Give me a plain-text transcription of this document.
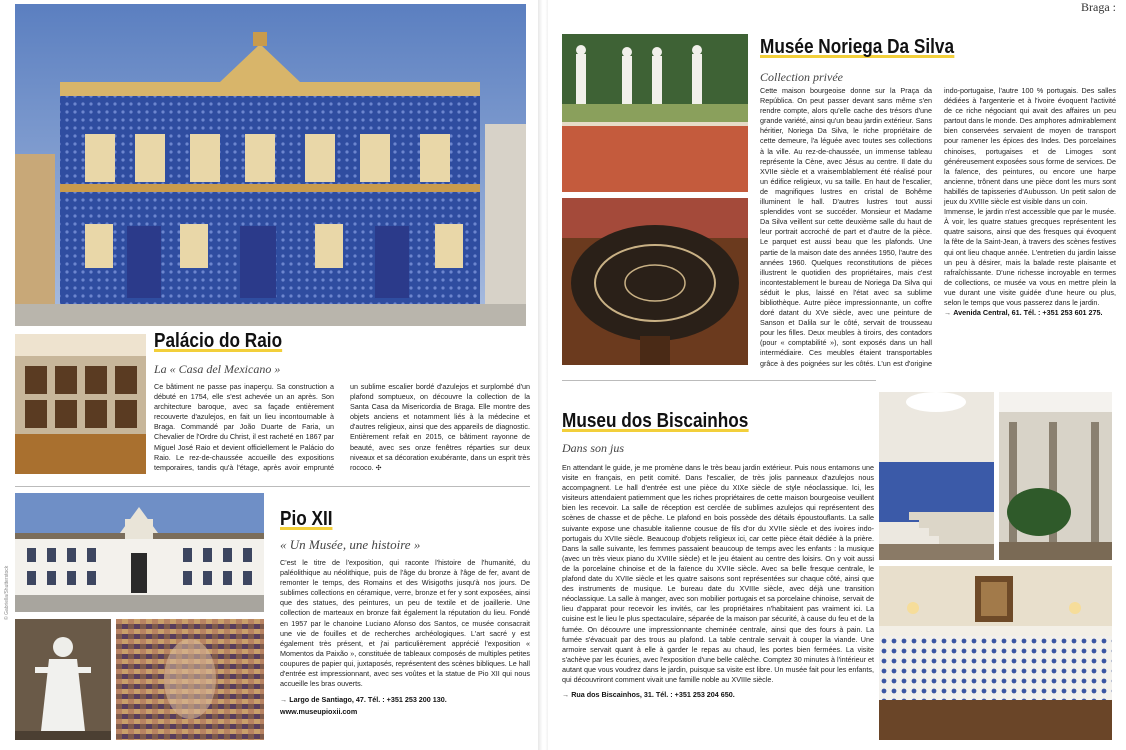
Palácio do Raio

La « Casa del Mexicano »

Ce bâtiment ne passe pas inaperçu. Sa construction a débuté en 1754, elle s'est achevée un an après. Son architecture baroque, avec sa façade entièrement recouverte d'azulejos, en fait un lieu incontournable à Braga. Commandé par João Duarte de Faria, un Chevalier de l'Ordre du Christ, il est racheté en 1867 par Miguel José Raio et devient officiellement le Palácio do Raio. Le rez-de-chaussée accueille des expositions temporaires, tandis qu'à l'étage, après avoir emprunté un sublime escalier bordé d'azulejos et surplombé d'un plafond somptueux, on découvre la collection de la Santa Casa da Misericordia de Braga. Elle montre des objets anciens et notamment liés à la médecine et d'autres religieux, ainsi que des appareils de diagnostic. Entièrement refait en 2015, ce bâtiment rayonne de beauté, avec ses onze fenêtres réparties sur deux niveaux et sa décoration exubérante, dans un esprit très rococo. ✣

© Gabriella/Shutterstock
Pio XII

« Un Musée, une histoire »

C'est le titre de l'exposition, qui raconte l'histoire de l'humanité, du paléolithique au néolithique, puis de l'âge du bronze à l'âge de fer, avant de remonter le temps, des Romains et des Wisigoths jusqu'à nos jours. De sublimes collections en céramique, verre, bronze et fer y sont exposées, ainsi que des statues, des peintures, un peu de textile et de joaillerie. Une collection de marteaux en bronze fait également la réputation du lieu. Fondé en 1957 par le chanoine Luciano Afonso dos Santos, ce musée consacrait une vie de fouilles et de recherches archéologiques. L'art sacré y est également très présent, et j'ai particulièrement apprécié l'exposition « Momentos da Paixão », constituée de tableaux composés de multiples petites coupures de papier qui, juxtaposés, représentent des scènes bibliques. Le hall d'entrée est impressionnant, avec ses voûtes et la statue de Pio XII qui nous accueille les bras ouverts.

→ Largo de Santiago, 47. Tél. : +351 253 200 130.

www.museupioxii.com

Braga :
Musée Noriega Da Silva

Collection privée

Cette maison bourgeoise donne sur la Praça da República. On peut passer devant sans même s'en rendre compte, alors qu'elle cache des trésors d'une grande variété, ainsi qu'un beau jardin extérieur. Sans héritier, Noriega Da Silva, le riche propriétaire de cette demeure, l'a léguée avec toutes ses collections à la ville. Au rez-de-chaussée, un immense tableau représente la Cène, avec Jésus au centre. Il date du XVIIe siècle et a vraisemblablement été réalisé pour un édifice religieux, vu sa taille. En haut de l'escalier, de magnifiques lustres en cristal de Bohême illuminent le hall. D'autres lustres tout aussi splendides vont se succéder. Monsieur et Madame Da Silva veillent sur cette deuxième salle du haut de leur portrait accroché de part et d'autre de la pièce. Le parquet est aussi beau que les plafonds. Une partie de la maison date des années 1950, l'autre des années 1960. Quelques reconstitutions de pièces illustrent le quotidien des propriétaires, mais c'est incontestablement le bureau de Noriega Da Silva qui séduit le plus, laissé en l'état avec sa sublime bibliothèque. Autre pièce impressionnante, un coffre doré datant du XVe siècle, avec une peinture de Sanson et Dalila sur le côté, servait de trousseau pour les filles. Deux meubles à tiroirs, des contadors (pour « comptabilité »), sont exposés dans un hall intermédiaire. Ces meubles étaient transportables grâce à des poignées sur les côtés. L'un est d'origine indo-portugaise, l'autre 100 % portugais. Des salles dédiées à l'argenterie et à l'ivoire évoquent l'activité de ce riche négociant qui avait des affaires un peu partout dans le monde. Des amphores admirablement bien conservées servaient de moyen de transport pour ramener les épices des Indes. Des porcelaines chinoises, portugaises et de Limoges sont généreusement exposées sous forme de services. De la faïence, des peintures, ou encore une harpe ancienne, trônent dans une pièce dont les murs sont habillés de tapisseries d'Aubusson. Un petit salon de jeux du XVIIIe siècle est visible dans un coin.

Immense, le jardin n'est accessible que par le musée. À voir, les quatre statues grecques représentent les quatre saisons, ainsi que des fresques qui évoquent la fête de la Saint-Jean, à travers des scènes festives qui ont lieu chaque année. L'entretien du jardin laisse un peu à désirer, mais la balade reste plaisante et rafraîchissante. D'une richesse incroyable en termes de collections, ce musée va vous en mettre plein la vue durant une visite guidée d'une heure ou plus, selon le temps que vous passerez dans le jardin.

→ Avenida Central, 61. Tél. : +351 253 601 275.

Museu dos Biscainhos

Dans son jus

En attendant le guide, je me promène dans le très beau jardin extérieur. Puis nous entamons une visite en français, en petit comité. Dans l'escalier, de très jolis panneaux d'azulejos nous accompagnent. Le hall d'entrée est une pièce du XIXe siècle de style néoclassique. Ici, les visiteurs attendaient patiemment que les riches propriétaires de cette maison bourgeoise veuillent bien les recevoir. La salle de réception est cerclée de sublimes azulejos qui représentent des scènes de chasse et de pêche. Le plafond en bois possède des détails époustouflants. La salle suivante expose une chasuble italienne cousue de fils d'or du XVIIe siècle et des ivoires indo-portugais du XVIIe siècle. Beaucoup d'objets religieux ici, car cette pièce était dédiée à la prière. Dans la salle suivante, les femmes passaient beaucoup de temps avec les enfants : la musique (avec un très vieux piano du XVIIIe siècle) et le jeu étaient au centre des loisirs. On y voit aussi de la porcelaine chinoise et de la faïence du XVIIe siècle. Avec sa belle fresque centrale, le plafond date du XVIIe siècle et les quatre saisons sont représentées sur chaque côté, ainsi que des instruments de musique. Le bureau date du XVIIIe siècle, avec déjà une transition néoclassique. La salle à manger, avec son mobilier portugais et sa porcelaine chinoise, servait de lieu d'apparat pour recevoir les invités, car les propriétaires n'habitaient pas vraiment ici. La cuisine est le lieu le plus spectaculaire, séparée de la maison par sécurité, à cause du feu et de la fumée. On découvre une impressionnante cheminée centrale, ainsi que des fours à pain. La fumée s'évacuait par des trous au plafond. La table centrale servait à couper la viande. Une armoire servait quant à elle à garder le repas au chaud, les portes bien fermées. La visite s'achève par les écuries, avec l'exposition d'une belle calèche. Comptez 30 minutes à l'intérieur et autant que vous voudrez dans le jardin, puisque sa visite est libre. Un musée fait pour les enfants, qui découvriront comment vivait une famille noble au XVIIIe siècle.

→ Rua dos Biscainhos, 31. Tél. : +351 253 204 650.
